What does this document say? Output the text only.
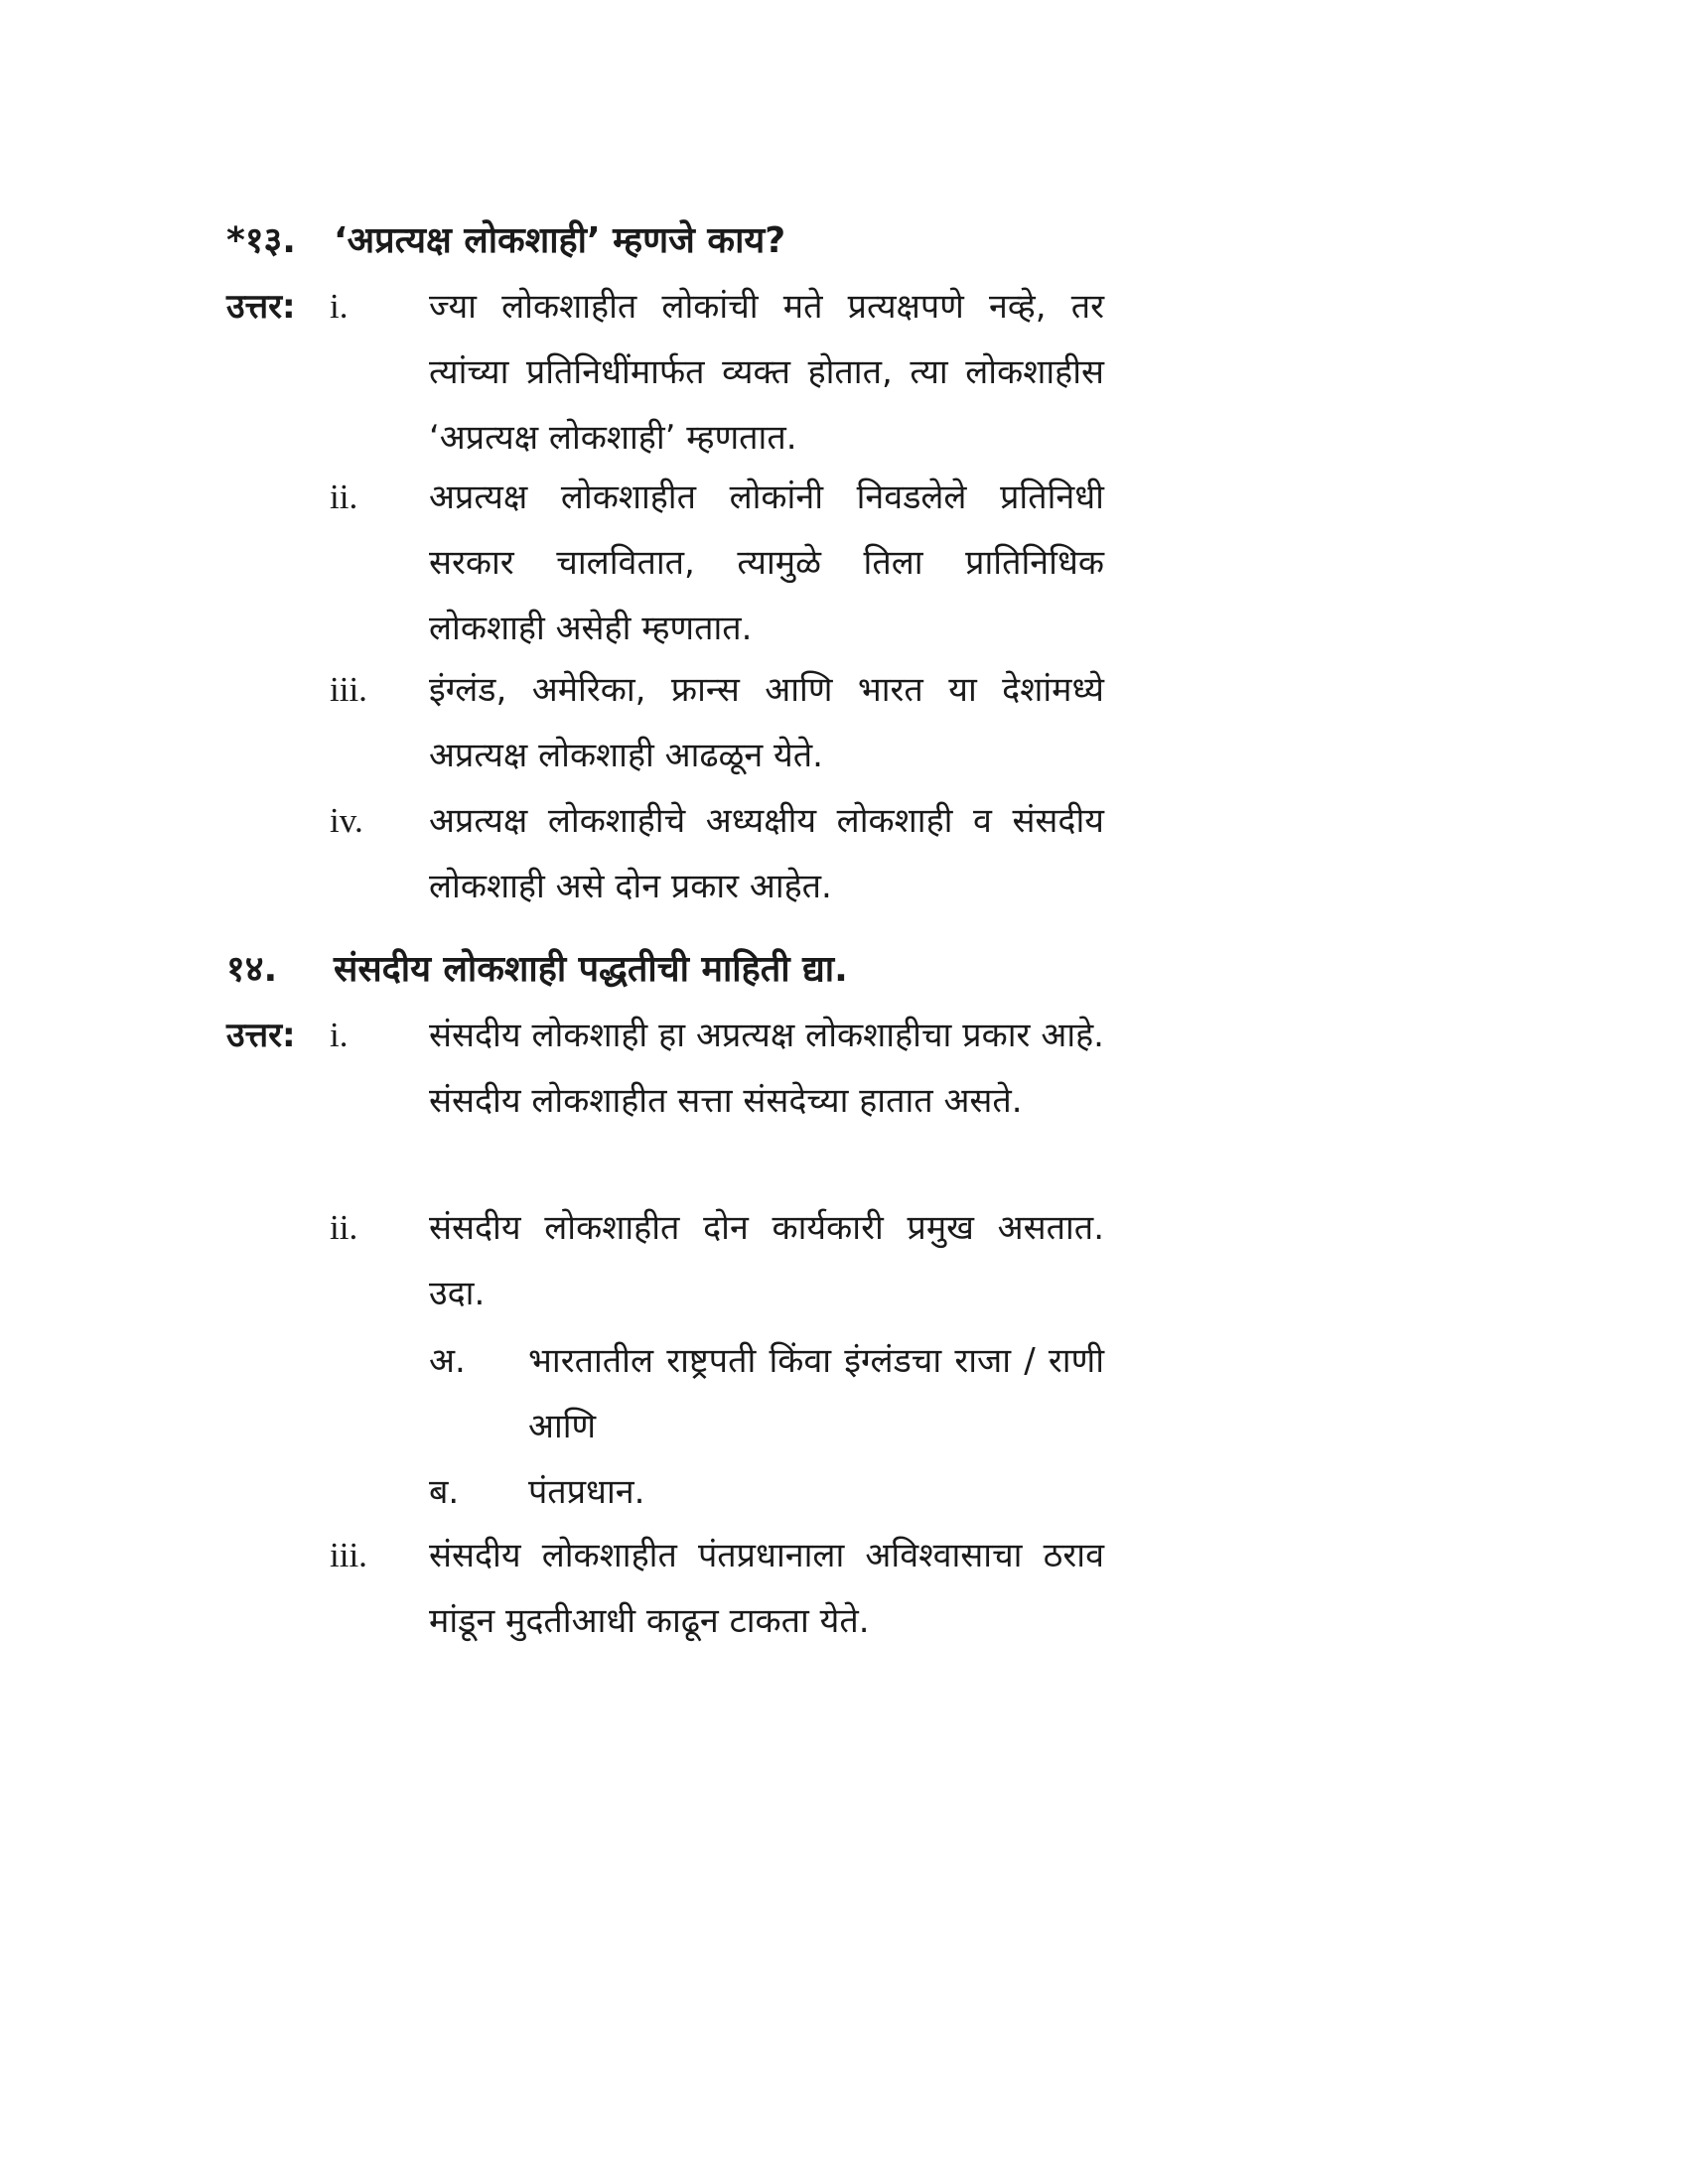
*१३. ‘अप्रत्यक्ष लोकशाही’ म्हणजे काय?
उत्तर: i.	ज्या लोकशाहीत लोकांची मते प्रत्यक्षपणे नव्हे, तर त्यांच्या प्रतिनिधींमार्फत व्यक्त होतात, त्या लोकशाहीस ‘अप्रत्यक्ष लोकशाही’ म्हणतात.
ii.	अप्रत्यक्ष लोकशाहीत लोकांनी निवडलेले प्रतिनिधी सरकार चालवितात, त्यामुळे तिला प्रातिनिधिक लोकशाही असेही म्हणतात.
iii.	इंग्लंड, अमेरिका, फ्रान्स आणि भारत या देशांमध्ये अप्रत्यक्ष लोकशाही आढळून येते.
iv.	अप्रत्यक्ष लोकशाहीचे अध्यक्षीय लोकशाही व संसदीय लोकशाही असे दोन प्रकार आहेत.
१४. संसदीय लोकशाही पद्धतीची माहिती द्या.
उत्तर: i.	संसदीय लोकशाही हा अप्रत्यक्ष लोकशाहीचा प्रकार आहे. संसदीय लोकशाहीत सत्ता संसदेच्या हातात असते.
ii.	संसदीय लोकशाहीत दोन कार्यकारी प्रमुख असतात. उदा.
अ.	भारतातील राष्ट्रपती किंवा इंग्लंडचा राजा / राणी आणि
ब.	पंतप्रधान.
iii.	संसदीय लोकशाहीत पंतप्रधानाला अविश्वासाचा ठराव मांडून मुदतीआधी काढून टाकता येते.
